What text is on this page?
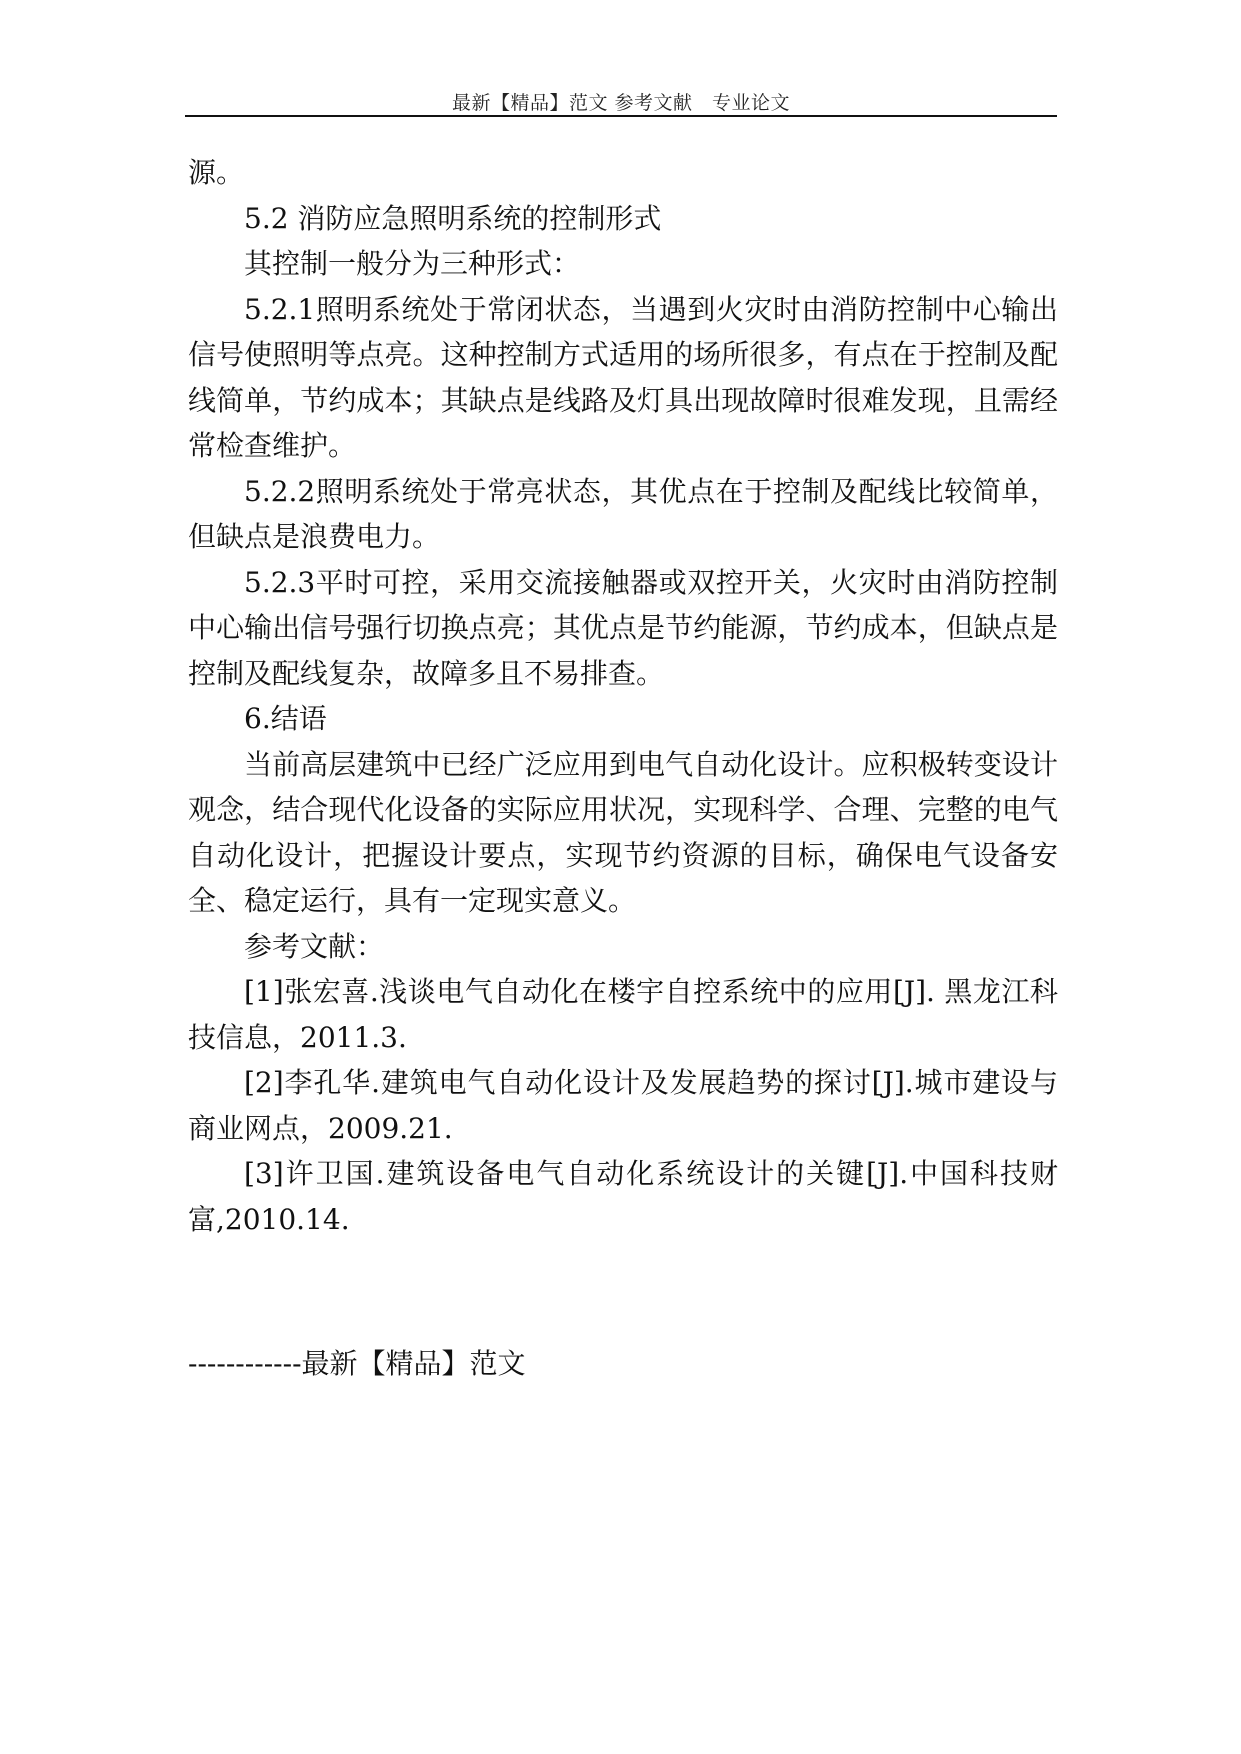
最新【精品】范文 参考文献　专业论文

源。

5.2 消防应急照明系统的控制形式

其控制一般分为三种形式：

5.2.1照明系统处于常闭状态，当遇到火灾时由消防控制中心输出信号使照明等点亮。这种控制方式适用的场所很多，有点在于控制及配线简单，节约成本；其缺点是线路及灯具出现故障时很难发现，且需经常检查维护。

5.2.2照明系统处于常亮状态，其优点在于控制及配线比较简单，但缺点是浪费电力。

5.2.3平时可控，采用交流接触器或双控开关，火灾时由消防控制中心输出信号强行切换点亮；其优点是节约能源，节约成本，但缺点是控制及配线复杂，故障多且不易排查。

6.结语

当前高层建筑中已经广泛应用到电气自动化设计。应积极转变设计观念，结合现代化设备的实际应用状况，实现科学、合理、完整的电气自动化设计，把握设计要点，实现节约资源的目标，确保电气设备安全、稳定运行，具有一定现实意义。

参考文献：

[1]张宏喜.浅谈电气自动化在楼宇自控系统中的应用[J]. 黑龙江科技信息，2011.3.

[2]李孔华.建筑电气自动化设计及发展趋势的探讨[J].城市建设与商业网点，2009.21.

[3]许卫国.建筑设备电气自动化系统设计的关键[J].中国科技财富,2010.14.

------------最新【精品】范文
